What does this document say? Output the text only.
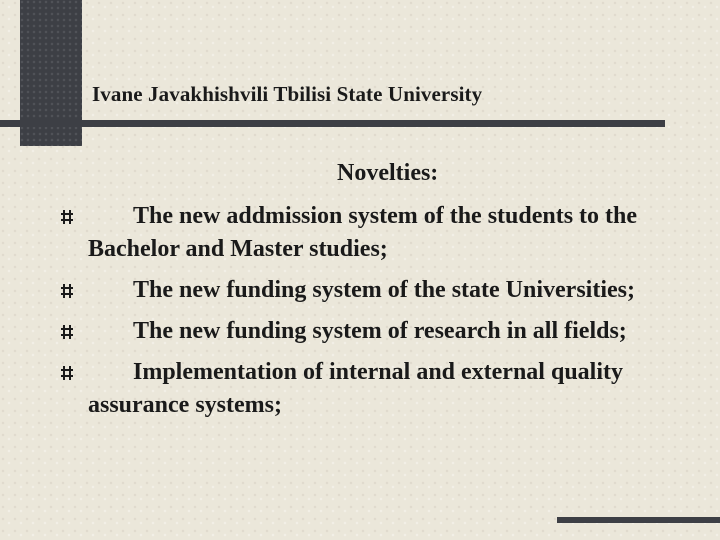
Ivane Javakhishvili Tbilisi State University
Novelties:
The new addmission system of the students to the Bachelor and Master studies;
The new funding system of the state Universities;
The new funding system of research in all fields;
Implementation of internal and external quality assurance systems;
